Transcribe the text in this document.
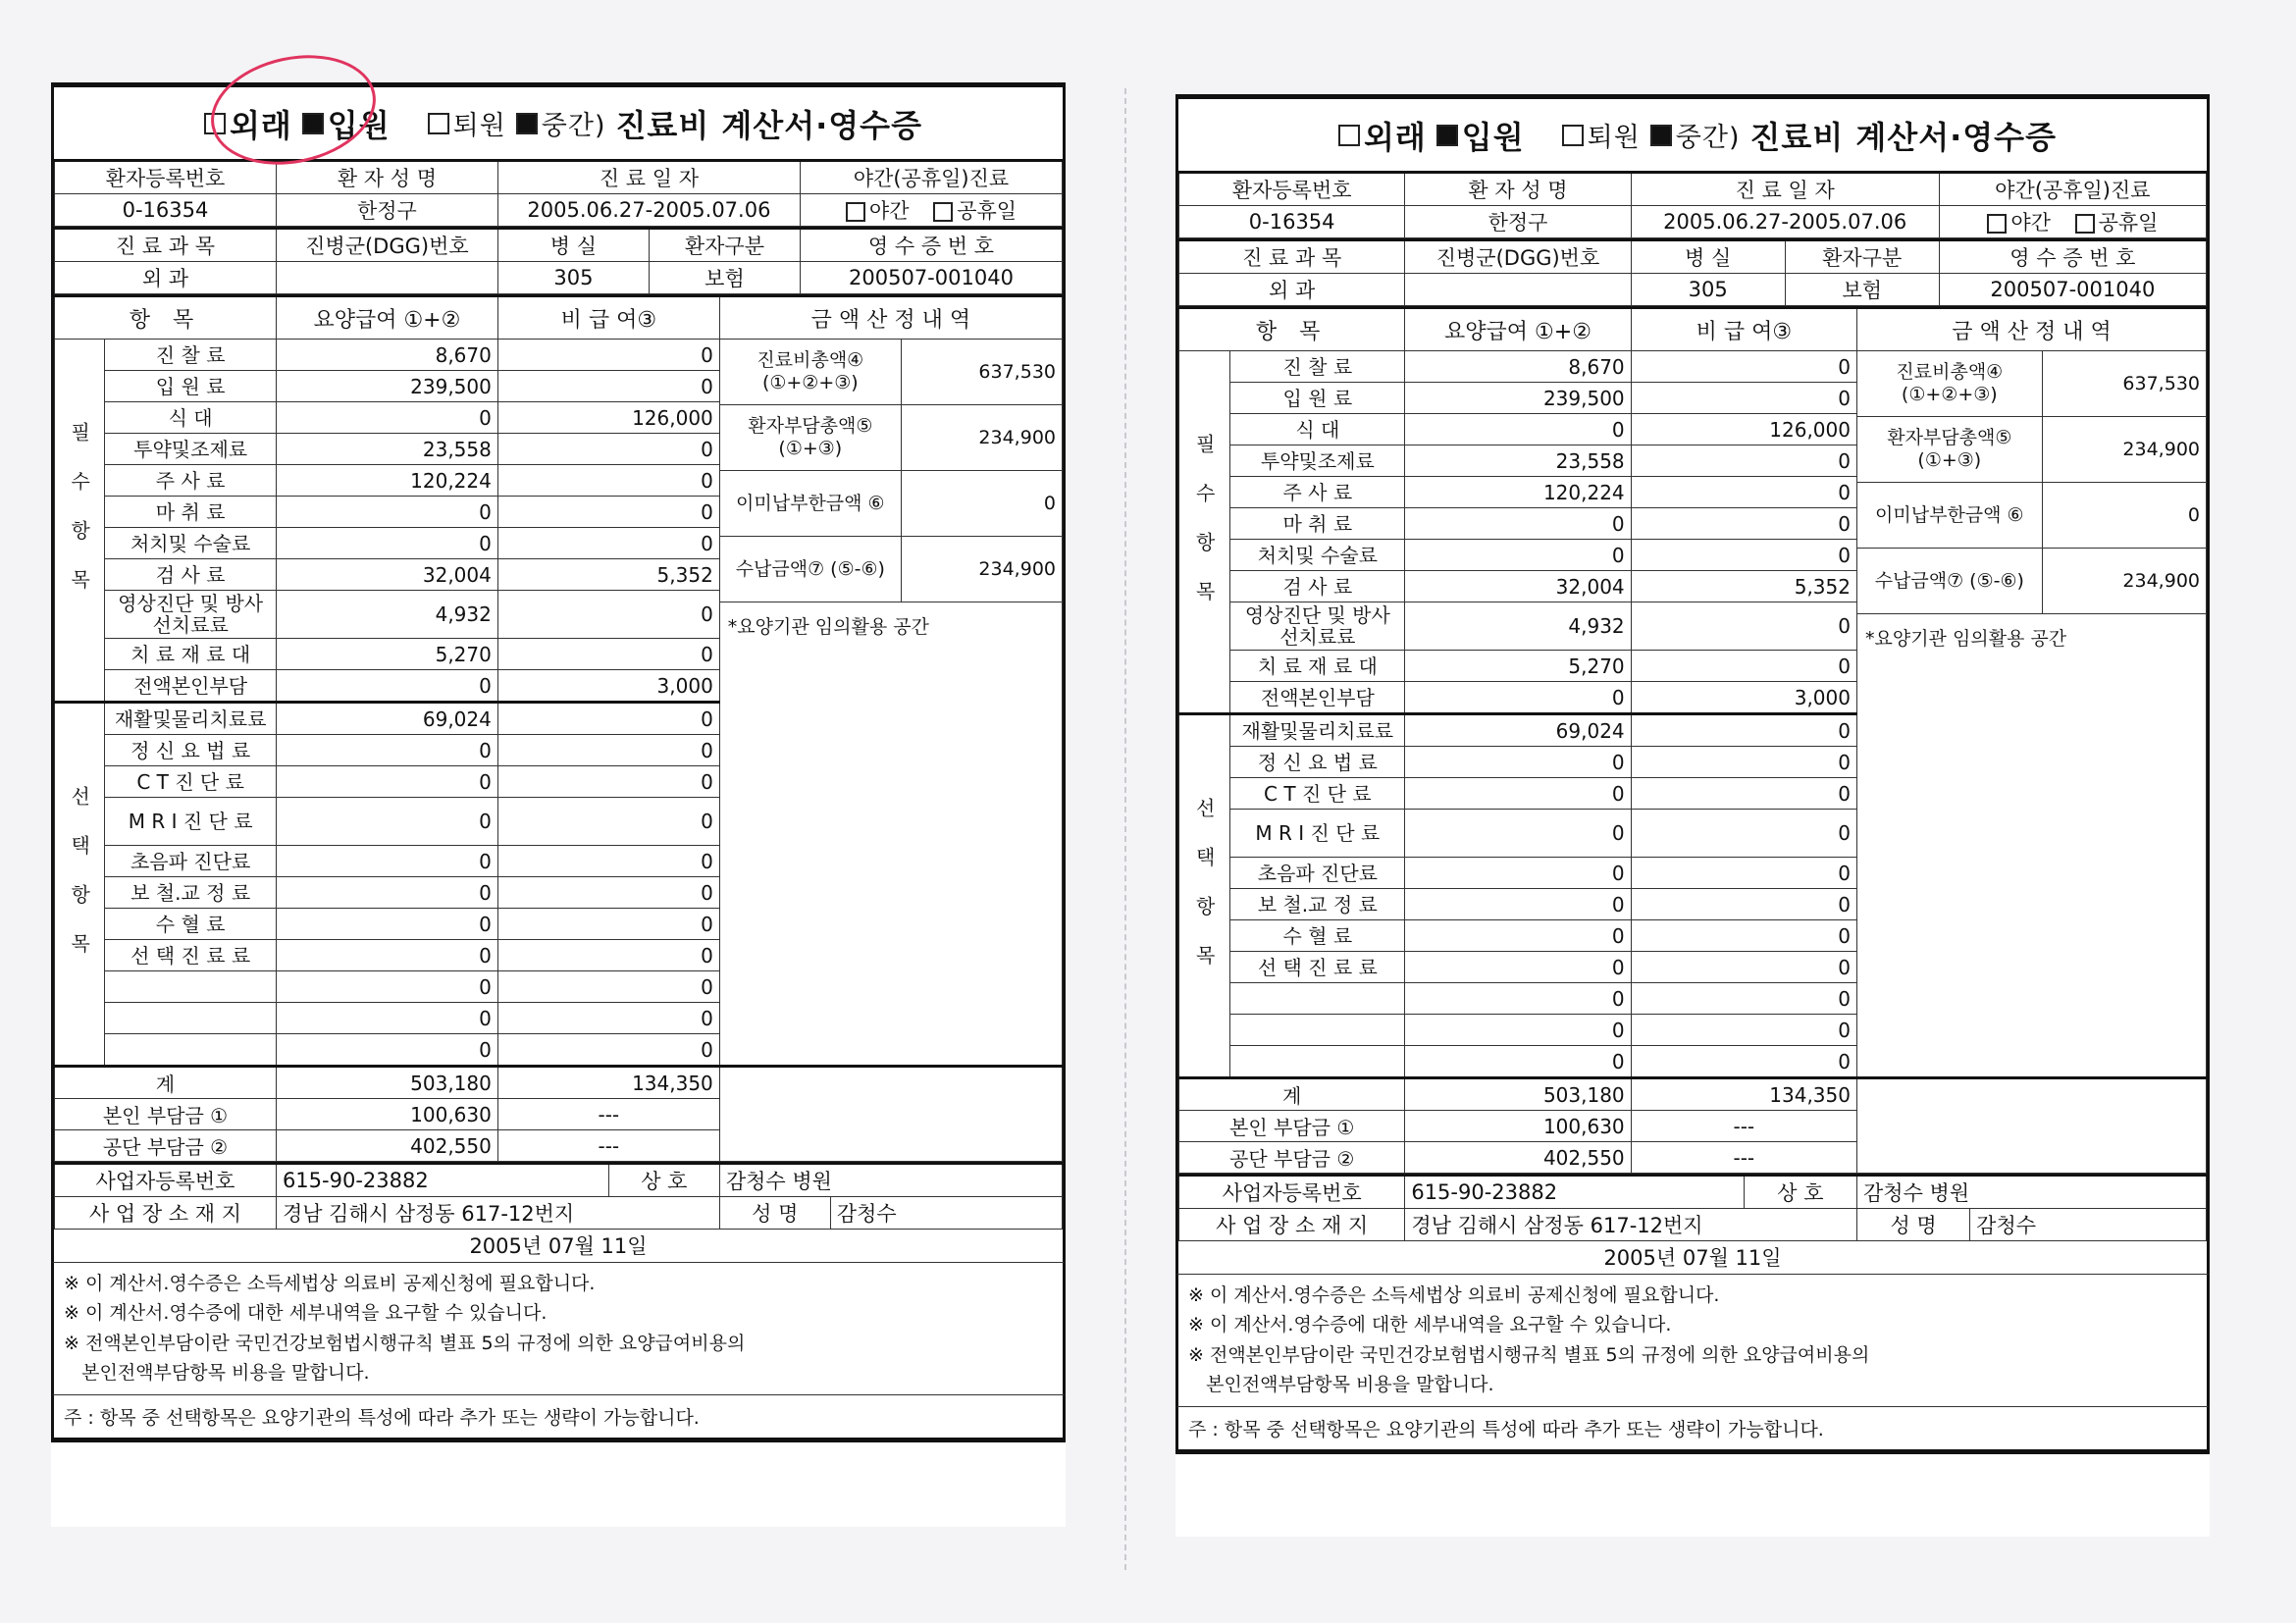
외래 입원 퇴원 중간) 진료비 계산서·영수증
환자등록번호	환 자 성 명	진 료 일 자	야간(공휴일)진료
0-16354	한정구	2005.06.27-2005.07.06	야간 공휴일
진 료 과 목	진병군(DGG)번호	병 실	환자구분	영 수 증 번 호
외 과		305	보험	200507-001040
항 목	요양급여 ①+②	비 급 여③	금 액 산 정 내 역
필수항목	진 찰 료	8,670	0	진료비총액④ (①+②+③)	637,530
환자부담총액⑤ (①+③)	234,900
이미납부한금액 ⑥	0
수납금액⑦ (⑤-⑥)	234,900
*요양기관 임의활용 공간

입 원 료	239,500	0
식 대	0	126,000
투약및조제료	23,558	0
주 사 료	120,224	0
마 취 료	0	0
처치및 수술료	0	0
검 사 료	32,004	5,352
영상진단 및 방사선치료료	4,932	0
치 료 재 료 대	5,270	0
전액본인부담	0	3,000
선택항목	재활및물리치료료	69,024	0
정 신 요 법 료	0	0
C T 진 단 료	0	0
M R I 진 단 료	0	0
초음파 진단료	0	0
보 철.교 정 료	0	0
수 혈 료	0	0
선 택 진 료 료	0	0
	0	0
	0	0
	0	0
계	503,180	134,350	
본인 부담금 ①	100,630	---
공단 부담금 ②	402,550	---
사업자등록번호	615-90-23882	상 호	감청수 병원	
사 업 장 소 재 지	경남 김해시 삼정동 617-12번지		성 명	감청수
2005년 07월 11일
※ 이 계산서.영수증은 소득세법상 의료비 공제신청에 필요합니다.
※ 이 계산서.영수증에 대한 세부내역을 요구할 수 있습니다.
※ 전액본인부담이란 국민건강보험법시행규칙 별표 5의 규정에 의한 요양급여비용의
본인전액부담항목 비용을 말합니다.
주 : 항목 중 선택항목은 요양기관의 특성에 따라 추가 또는 생략이 가능합니다.
외래 입원 퇴원 중간) 진료비 계산서·영수증
환자등록번호	환 자 성 명	진 료 일 자	야간(공휴일)진료
0-16354	한정구	2005.06.27-2005.07.06	야간 공휴일
진 료 과 목	진병군(DGG)번호	병 실	환자구분	영 수 증 번 호
외 과		305	보험	200507-001040
항 목	요양급여 ①+②	비 급 여③	금 액 산 정 내 역
필수항목	진 찰 료	8,670	0	진료비총액④ (①+②+③)	637,530
환자부담총액⑤ (①+③)	234,900
이미납부한금액 ⑥	0
수납금액⑦ (⑤-⑥)	234,900
*요양기관 임의활용 공간

입 원 료	239,500	0
식 대	0	126,000
투약및조제료	23,558	0
주 사 료	120,224	0
마 취 료	0	0
처치및 수술료	0	0
검 사 료	32,004	5,352
영상진단 및 방사선치료료	4,932	0
치 료 재 료 대	5,270	0
전액본인부담	0	3,000
선택항목	재활및물리치료료	69,024	0
정 신 요 법 료	0	0
C T 진 단 료	0	0
M R I 진 단 료	0	0
초음파 진단료	0	0
보 철.교 정 료	0	0
수 혈 료	0	0
선 택 진 료 료	0	0
	0	0
	0	0
	0	0
계	503,180	134,350	
본인 부담금 ①	100,630	---
공단 부담금 ②	402,550	---
사업자등록번호	615-90-23882	상 호	감청수 병원	
사 업 장 소 재 지	경남 김해시 삼정동 617-12번지		성 명	감청수
2005년 07월 11일
※ 이 계산서.영수증은 소득세법상 의료비 공제신청에 필요합니다.
※ 이 계산서.영수증에 대한 세부내역을 요구할 수 있습니다.
※ 전액본인부담이란 국민건강보험법시행규칙 별표 5의 규정에 의한 요양급여비용의
본인전액부담항목 비용을 말합니다.
주 : 항목 중 선택항목은 요양기관의 특성에 따라 추가 또는 생략이 가능합니다.
